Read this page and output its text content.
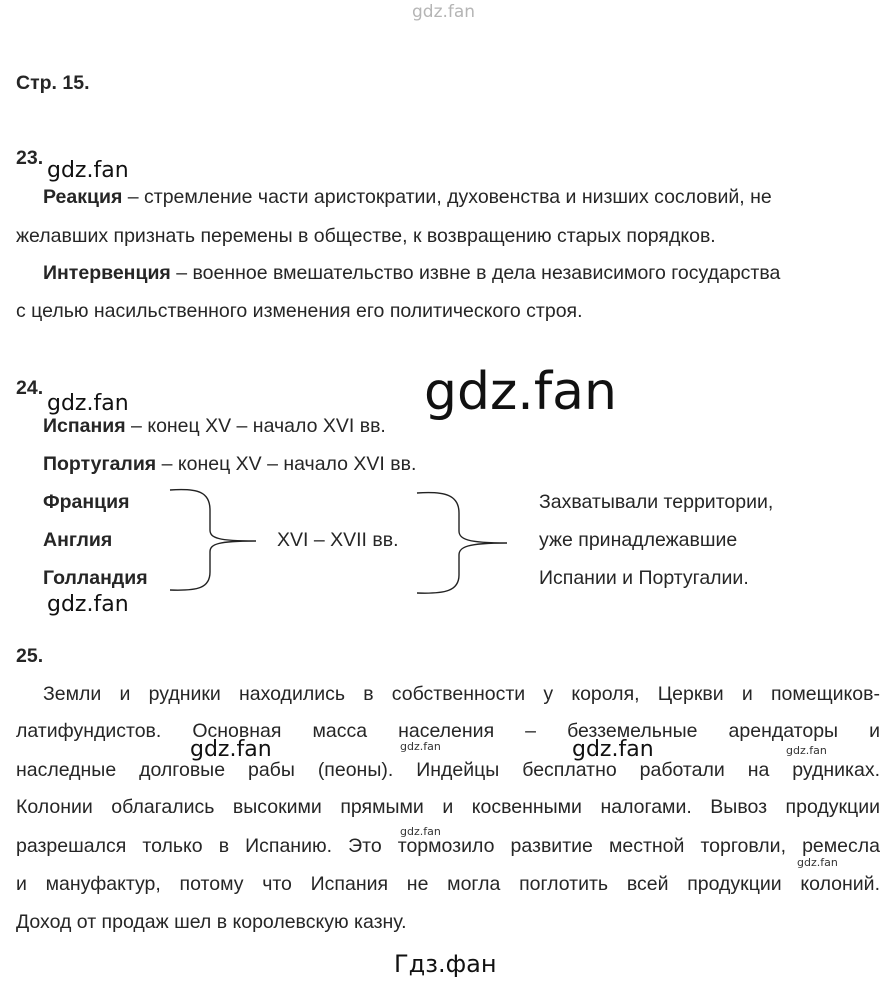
gdz.fan
Стр. 15.
23. gdz.fan
Реакция – стремление части аристократии, духовенства и низших сословий, не
желавших признать перемены в обществе, к возвращению старых порядков.
Интервенция – военное вмешательство извне в дела независимого государства
с целью насильственного изменения его политического строя.
24.
gdz.fan	gdz.fan
Испания – конец XV – начало XVI вв.
Португалия – конец XV – начало XVI вв.
Франция
Англия
Голландия
gdz.fan
XVI – XVII вв.
Захватывали территории,
уже принадлежавшие
Испании и Португалии.
25.
Земли и рудники находились в собственности у короля, Церкви и помещиков-
латифундистов. Основная масса населения – безземельные арендаторы и
наследные долговые рабы (пеоны). Индейцы бесплатно работали на рудниках.
Колонии облагались высокими прямыми и косвенными налогами. Вывоз продукции
разрешался только в Испанию. Это тормозило развитие местной торговли, ремесла
и мануфактур, потому что Испания не могла поглотить всей продукции колоний.
Доход от продаж шел в королевскую казну.
gdz.fan	gdz.fan	gdz.fan	gdz.fan
gdz.fan
gdz.fan
Гдз.фан
